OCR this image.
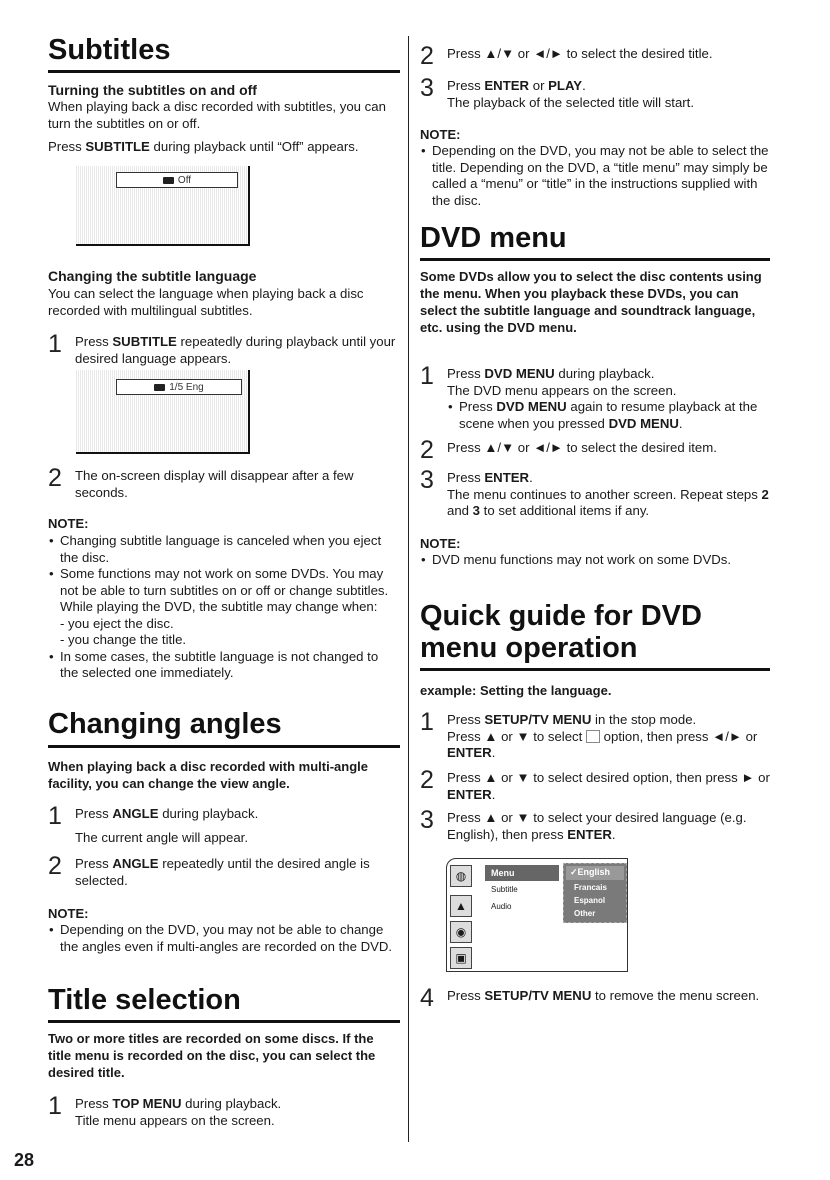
Subtitles
Turning the subtitles on and off

When playing back a disc recorded with subtitles, you can turn the subtitles on or off.

Press SUBTITLE during playback until “Off” appears.

Off
Changing the subtitle language

You can select the language when playing back a disc recorded with multilingual subtitles.

1 Press SUBTITLE repeatedly during playback until your desired language appears.
1/5 Eng
2 The on-screen display will disappear after a few seconds.
NOTE:
• Changing subtitle language is canceled when you eject the disc.
• Some functions may not work on some DVDs. You may not be able to turn subtitles on or off or change subtitles. While playing the DVD, the subtitle may change when:
- you eject the disc.
- you change the title.
• In some cases, the subtitle language is not changed to the selected one immediately.
Changing angles
When playing back a disc recorded with multi-angle facility, you can change the view angle.
1 Press ANGLE during playback.
The current angle will appear.
2 Press ANGLE repeatedly until the desired angle is selected.
NOTE:
• Depending on the DVD, you may not be able to change the angles even if multi-angles are recorded on the DVD.
Title selection
Two or more titles are recorded on some discs. If the title menu is recorded on the disc, you can select the desired title.
1 Press TOP MENU during playback.
Title menu appears on the screen.
28
2 Press ▲/▼ or ◄/► to select the desired title.
3 Press ENTER or PLAY.
The playback of the selected title will start.
NOTE:
• Depending on the DVD, you may not be able to select the title. Depending on the DVD, a “title menu” may simply be called a “menu” or “title” in the instructions supplied with the disc.
DVD menu
Some DVDs allow you to select the disc contents using the menu. When you playback these DVDs, you can select the subtitle language and soundtrack language, etc. using the DVD menu.
1 Press DVD MENU during playback.
The DVD menu appears on the screen.
• Press DVD MENU again to resume playback at the scene when you pressed DVD MENU.
2 Press ▲/▼ or ◄/► to select the desired item.
3 Press ENTER.
The menu continues to another screen. Repeat steps 2 and 3 to set additional items if any.
NOTE:
• DVD menu functions may not work on some DVDs.
Quick guide for DVD menu operation
example: Setting the language.
1 Press SETUP/TV MENU in the stop mode.
Press ▲ or ▼ to select  option, then press ◄/► or ENTER.
2 Press ▲ or ▼ to select desired option, then press ► or ENTER.
3 Press ▲ or ▼ to select your desired language (e.g. English), then press ENTER.
◍
▲
◉
▣
Menu
Subtitle
Audio
✓English
Francais
Espanol
Other
4 Press SETUP/TV MENU to remove the menu screen.
